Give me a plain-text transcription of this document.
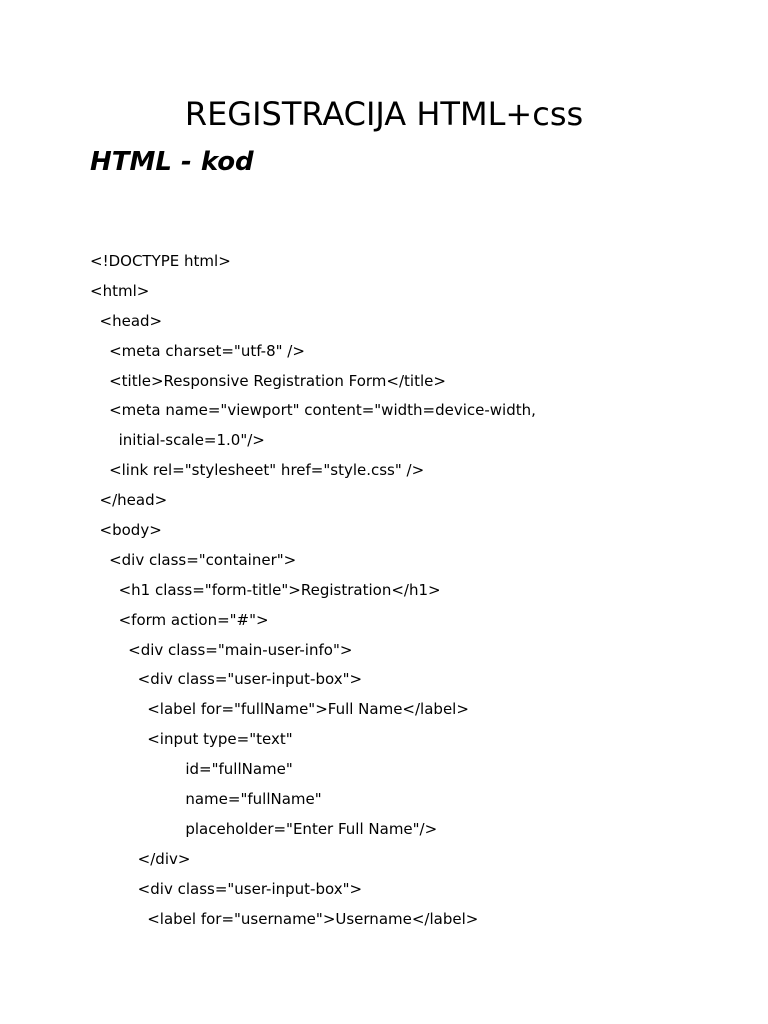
REGISTRACIJA HTML+css
HTML - kod
<!DOCTYPE html>
<html>
<head>
<meta charset="utf-8" />
<title>Responsive Registration Form</title>
<meta name="viewport" content="width=device-width,
initial-scale=1.0"/>
<link rel="stylesheet" href="style.css" />
</head>
<body>
<div class="container">
<h1 class="form-title">Registration</h1>
<form action="#">
<div class="main-user-info">
<div class="user-input-box">
<label for="fullName">Full Name</label>
<input type="text"
id="fullName"
name="fullName"
placeholder="Enter Full Name"/>
</div>
<div class="user-input-box">
<label for="username">Username</label>
